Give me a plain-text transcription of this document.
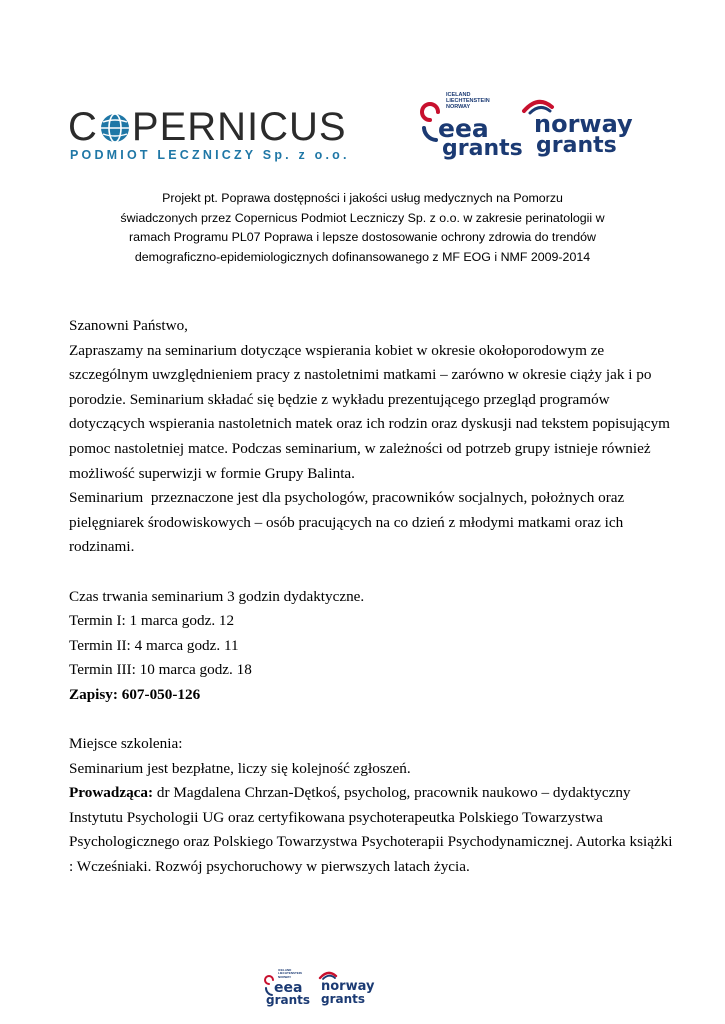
C PERNICUS
PODMIOT LECZNICZY Sp. z o.o.
ICELAND
LIECHTENSTEIN
NORWAY
eea
grants
norway
grants
Projekt pt. Poprawa dostępności i jakości usług medycznych na Pomorzu
świadczonych przez Copernicus Podmiot Leczniczy Sp. z o.o. w zakresie perinatologii w
ramach Programu PL07 Poprawa i lepsze dostosowanie ochrony zdrowia do trendów
demograficzno-epidemiologicznych dofinansowanego z MF EOG i NMF 2009-2014
Szanowni Państwo,
Zapraszamy na seminarium dotyczące wspierania kobiet w okresie okołoporodowym ze
szczególnym uwzględnieniem pracy z nastoletnimi matkami – zarówno w okresie ciąży jak i po
porodzie. Seminarium składać się będzie z wykładu prezentującego przegląd programów
dotyczących wspierania nastoletnich matek oraz ich rodzin oraz dyskusji nad tekstem popisującym
pomoc nastoletniej matce. Podczas seminarium, w zależności od potrzeb grupy istnieje również
możliwość superwizji w formie Grupy Balinta.
Seminarium  przeznaczone jest dla psychologów, pracowników socjalnych, położnych oraz
pielęgniarek środowiskowych – osób pracujących na co dzień z młodymi matkami oraz ich
rodzinami.
Czas trwania seminarium 3 godzin dydaktyczne.
Termin I: 1 marca godz. 12
Termin II: 4 marca godz. 11
Termin III: 10 marca godz. 18
Zapisy: 607-050-126
Miejsce szkolenia:
Seminarium jest bezpłatne, liczy się kolejność zgłoszeń.
Prowadząca: dr Magdalena Chrzan-Dętkoś, psycholog, pracownik naukowo – dydaktyczny
Instytutu Psychologii UG oraz certyfikowana psychoterapeutka Polskiego Towarzystwa
Psychologicznego oraz Polskiego Towarzystwa Psychoterapii Psychodynamicznej. Autorka książki
: Wcześniaki. Rozwój psychoruchowy w pierwszych latach życia.
ICELAND
LIECHTENSTEIN
NORWAY
eea
grants
norway
grants
